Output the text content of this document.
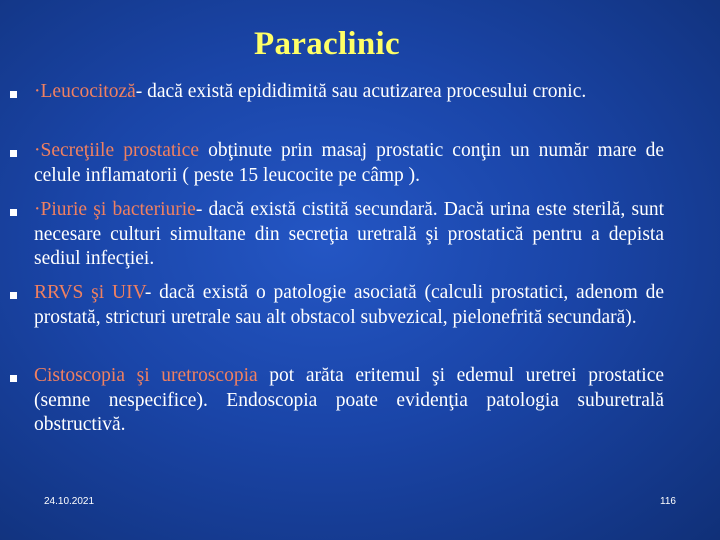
Paraclinic
·Leucocitoză- dacă există epididimită sau acutizarea procesului cronic.
·Secreţiile prostatice obţinute prin masaj prostatic conţin un număr mare de celule inflamatorii ( peste 15 leucocite pe câmp ).
·Piurie şi bacteriurie- dacă există cistită secundară. Dacă urina este sterilă, sunt necesare culturi simultane din secreţia uretrală şi prostatică pentru a depista sediul infecţiei.
RRVS şi UIV- dacă există o patologie asociată (calculi prostatici, adenom de prostată, stricturi uretrale sau alt obstacol subvezical, pielonefrită secundară).
Cistoscopia şi uretroscopia pot arăta eritemul şi edemul uretrei prostatice (semne nespecifice). Endoscopia poate evidenţia patologia suburetrală obstructivă.
24.10.2021	116
